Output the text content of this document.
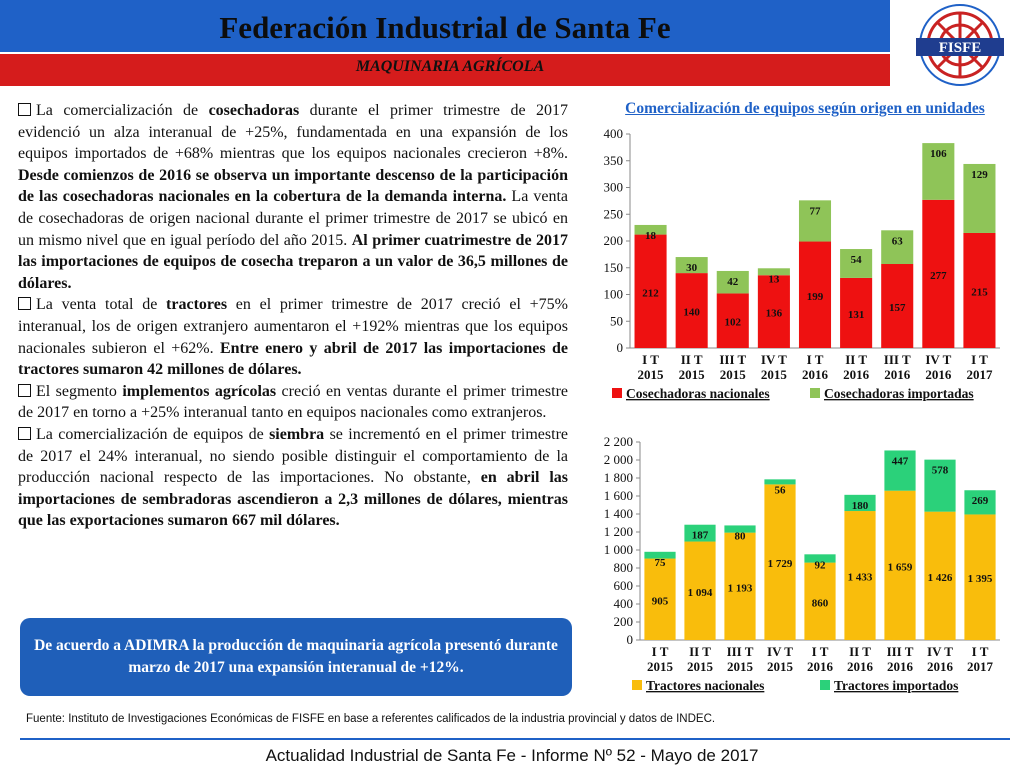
Federación Industrial de Santa Fe
MAQUINARIA AGRÍCOLA
FISFE

La comercialización de cosechadoras durante el primer trimestre de 2017 evidenció un alza interanual de +25%, fundamentada en una expansión de los equipos importados de +68% mientras que los equipos nacionales crecieron +8%. Desde comienzos de 2016 se observa un importante descenso de la participación de las cosechadoras nacionales en la cobertura de la demanda interna. La venta de cosechadoras de origen nacional durante el primer trimestre de 2017 se ubicó en un mismo nivel que en igual período del año 2015. Al primer cuatrimestre de 2017 las importaciones de equipos de cosecha treparon a un valor de 36,5 millones de dólares.

La venta total de tractores en el primer trimestre de 2017 creció el +75% interanual, los de origen extranjero aumentaron el +192% mientras que los equipos nacionales subieron el +62%. Entre enero y abril de 2017 las importaciones de tractores sumaron 42 millones de dólares.

El segmento implementos agrícolas creció en ventas durante el primer trimestre de 2017 en torno a +25% interanual tanto en equipos nacionales como extranjeros.

La comercialización de equipos de siembra se incrementó en el primer trimestre de 2017 el 24% interanual, no siendo posible distinguir el comportamiento de la producción nacional respecto de las importaciones. No obstante, en abril las importaciones de sembradoras ascendieron a 2,3 millones de dólares, mientras que las exportaciones sumaron 667 mil dólares.

De acuerdo a ADIMRA la producción de maquinaria agrícola presentó durante marzo de 2017 una expansión interanual de +12%.
Comercialización de equipos según origen en unidades
0
50
100
150
200
250
300
350
400
212
18
I T
2015
140
30
II T
2015
102
42
III T
2015
136
13
IV T
2015
199
77
I T
2016
131
54
II T
2016
157
63
III T
2016
277
106
IV T
2016
215
129
I T
2017
Cosechadoras nacionales	Cosechadoras importadas
0
200
400
600
800
1 000
1 200
1 400
1 600
1 800
2 000
2 200
905
75
I T
2015
1 094
187
II T
2015
1 193
80
III T
2015
1 729
56
IV T
2015
860
92
I T
2016
1 433
180
II T
2016
1 659
447
III T
2016
1 426
578
IV T
2016
1 395
269
I T
2017
Tractores nacionales	Tractores importados
Fuente: Instituto de Investigaciones Económicas de FISFE en base a referentes calificados de la industria provincial y datos de INDEC.
Actualidad Industrial de Santa Fe - Informe Nº 52 - Mayo de 2017
